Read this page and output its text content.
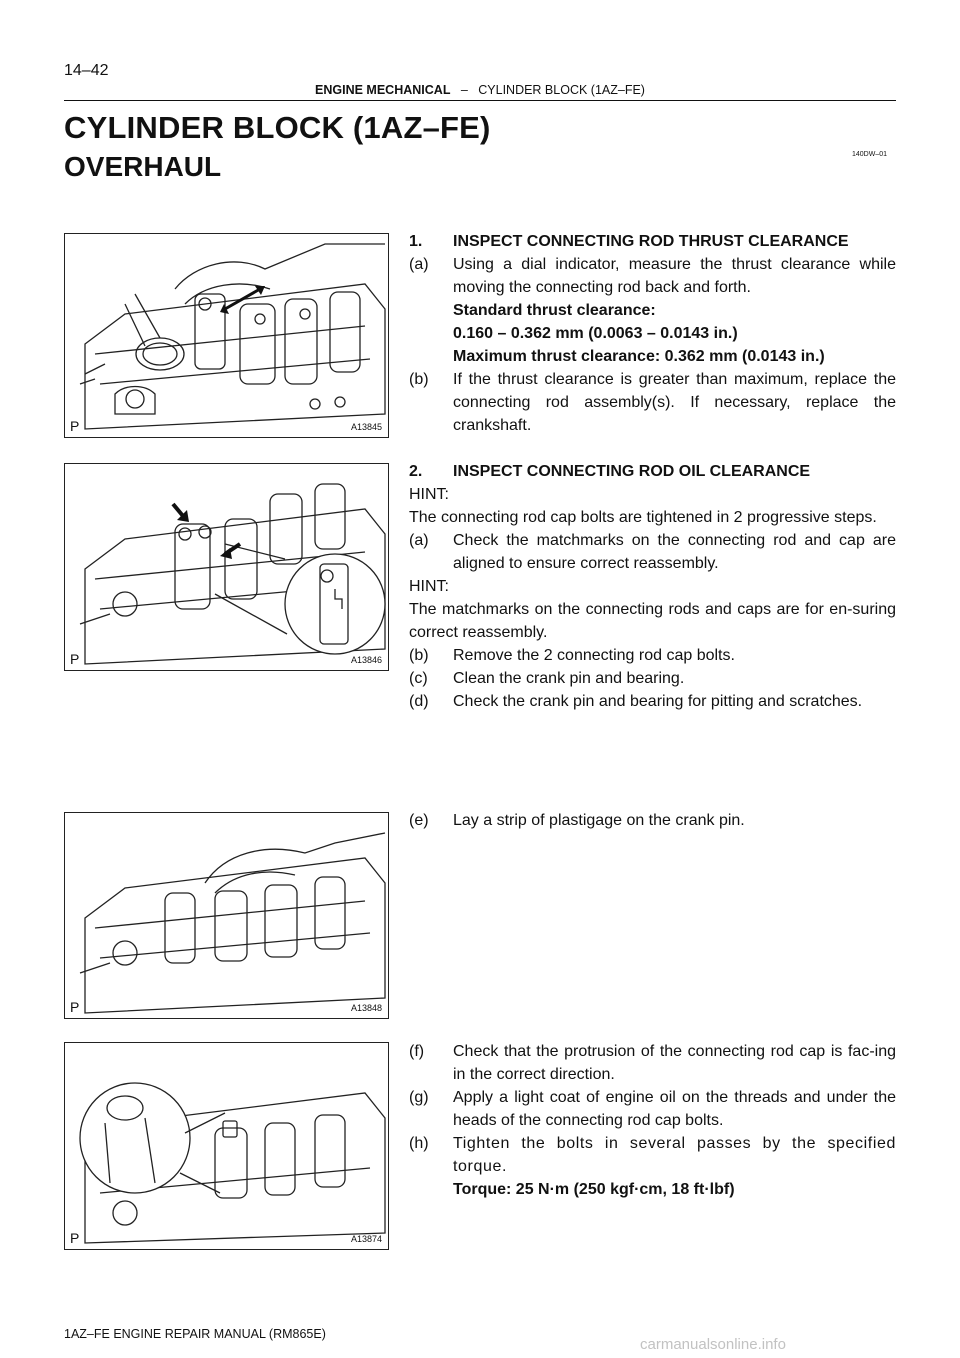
14–42
ENGINE MECHANICAL – CYLINDER BLOCK (1AZ–FE)
CYLINDER BLOCK (1AZ–FE)
OVERHAUL	140DW–01
P	A13845
P	A13846
P	A13848
P	A13874
1.	INSPECT CONNECTING ROD THRUST CLEARANCE
(a)	Using a dial indicator, measure the thrust clearance while moving the connecting rod back and forth.
Standard thrust clearance:
0.160 – 0.362 mm (0.0063 – 0.0143 in.)
Maximum thrust clearance: 0.362 mm (0.0143 in.)
(b)	If the thrust clearance is greater than maximum, replace the connecting rod assembly(s). If necessary, replace the crankshaft.
2.	INSPECT CONNECTING ROD OIL CLEARANCE
HINT:
The connecting rod cap bolts are tightened in 2 progressive steps.
(a)	Check the matchmarks on the connecting rod and cap are aligned to ensure correct reassembly.
HINT:
The matchmarks on the connecting rods and caps are for en-suring correct reassembly.
(b)	Remove the 2 connecting rod cap bolts.
(c)	Clean the crank pin and bearing.
(d)	Check the crank pin and bearing for pitting and scratches.
(e)	Lay a strip of plastigage on the crank pin.
(f)	Check that the protrusion of the connecting rod cap is fac-ing in the correct direction.
(g)	Apply a light coat of engine oil on the threads and under the heads of the connecting rod cap bolts.
(h)	Tighten the bolts in several passes by the specified torque.
Torque: 25 N·m (250 kgf·cm, 18 ft·lbf)
1AZ–FE ENGINE REPAIR MANUAL (RM865E)
carmanualsonline.info
